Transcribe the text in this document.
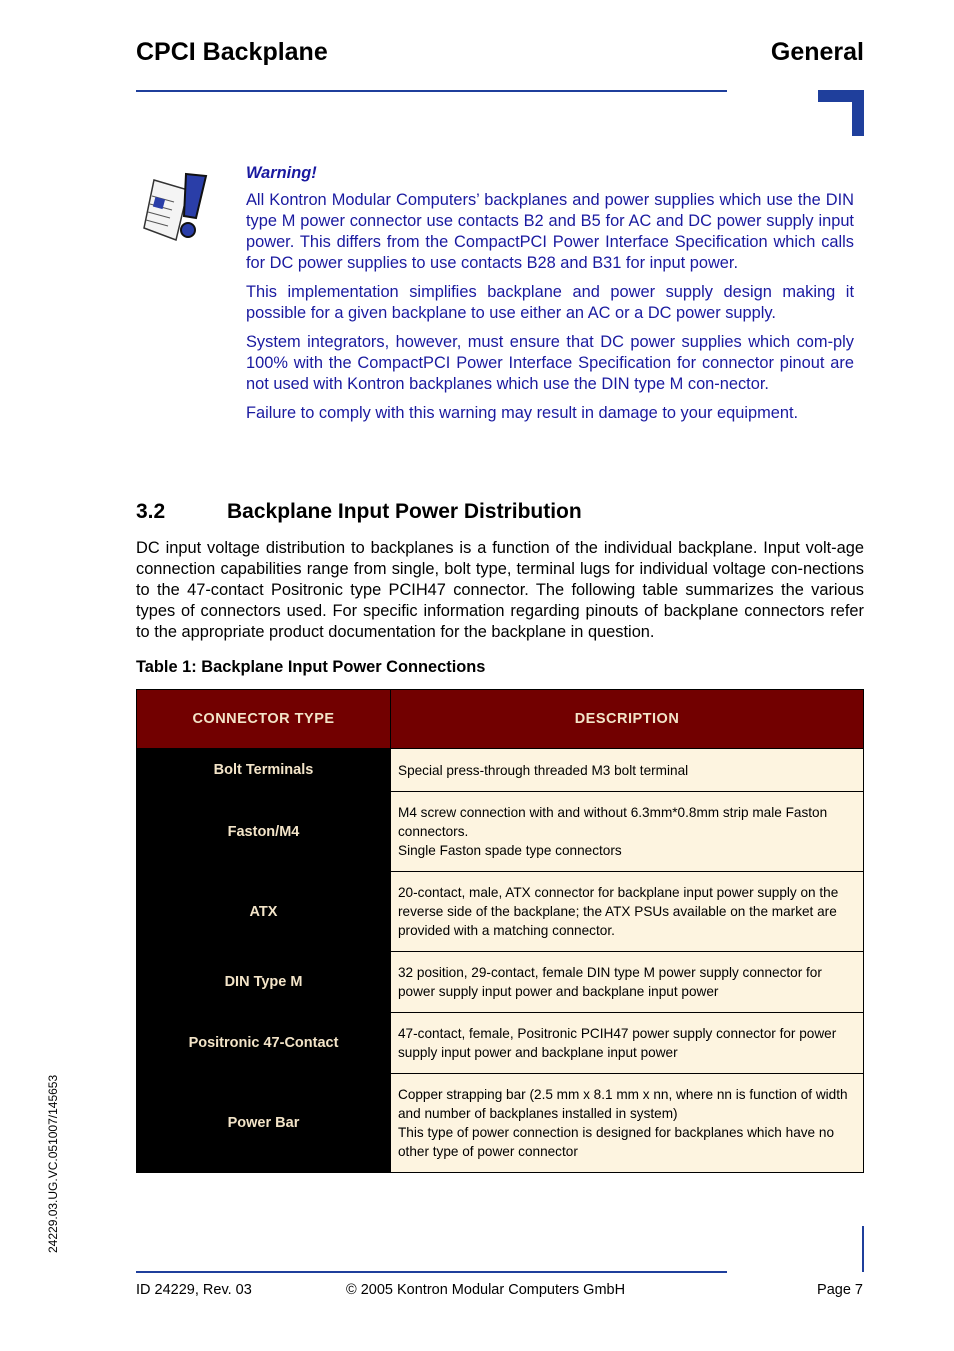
CPCI Backplane	General

Warning!

All Kontron Modular Computers’ backplanes and power supplies which use the DIN type M power connector use contacts B2 and B5 for AC and DC power supply input power. This differs from the CompactPCI Power Interface Specification which calls for DC power supplies to use contacts B28 and B31 for input power.

This implementation simplifies backplane and power supply design making it possible for a given backplane to use either an AC or a DC power supply.

System integrators, however, must ensure that DC power supplies which com-ply 100% with the CompactPCI Power Interface Specification for connector pinout are not used with Kontron backplanes which use the DIN type M con-nector.

Failure to comply with this warning may result in damage to your equipment.

3.2	Backplane Input Power Distribution

DC input voltage distribution to backplanes is a function of the individual backplane. Input volt-age connection capabilities range from single, bolt type, terminal lugs for individual voltage con-nections to the 47-contact Positronic type PCIH47 connector. The following table summarizes the various types of connectors used. For specific information regarding pinouts of backplane connectors refer to the appropriate product documentation for the backplane in question.

Table 1: Backplane Input Power Connections
CONNECTOR TYPE	DESCRIPTION
Bolt Terminals	Special press-through threaded M3 bolt terminal

Faston/M4	M4 screw connection with and without 6.3mm*0.8mm strip male Faston connectors.
Single Faston spade type connectors

ATX	20-contact, male, ATX connector for backplane input power supply on the reverse side of the backplane; the ATX PSUs available on the market are provided with a matching connector.

DIN Type M	32 position, 29-contact, female DIN type M power supply connector for power supply input power and backplane input power

Positronic 47-Contact	47-contact, female, Positronic PCIH47 power supply connector for power supply input power and backplane input power

Power Bar	Copper strapping bar (2.5 mm x 8.1 mm x nn, where nn is function of width and number of backplanes installed in system)
This type of power connection is designed for backplanes which have no other type of power connector
24229.03.UG.VC.051007/145653
ID 24229, Rev. 03	© 2005 Kontron Modular Computers GmbH	Page 7
